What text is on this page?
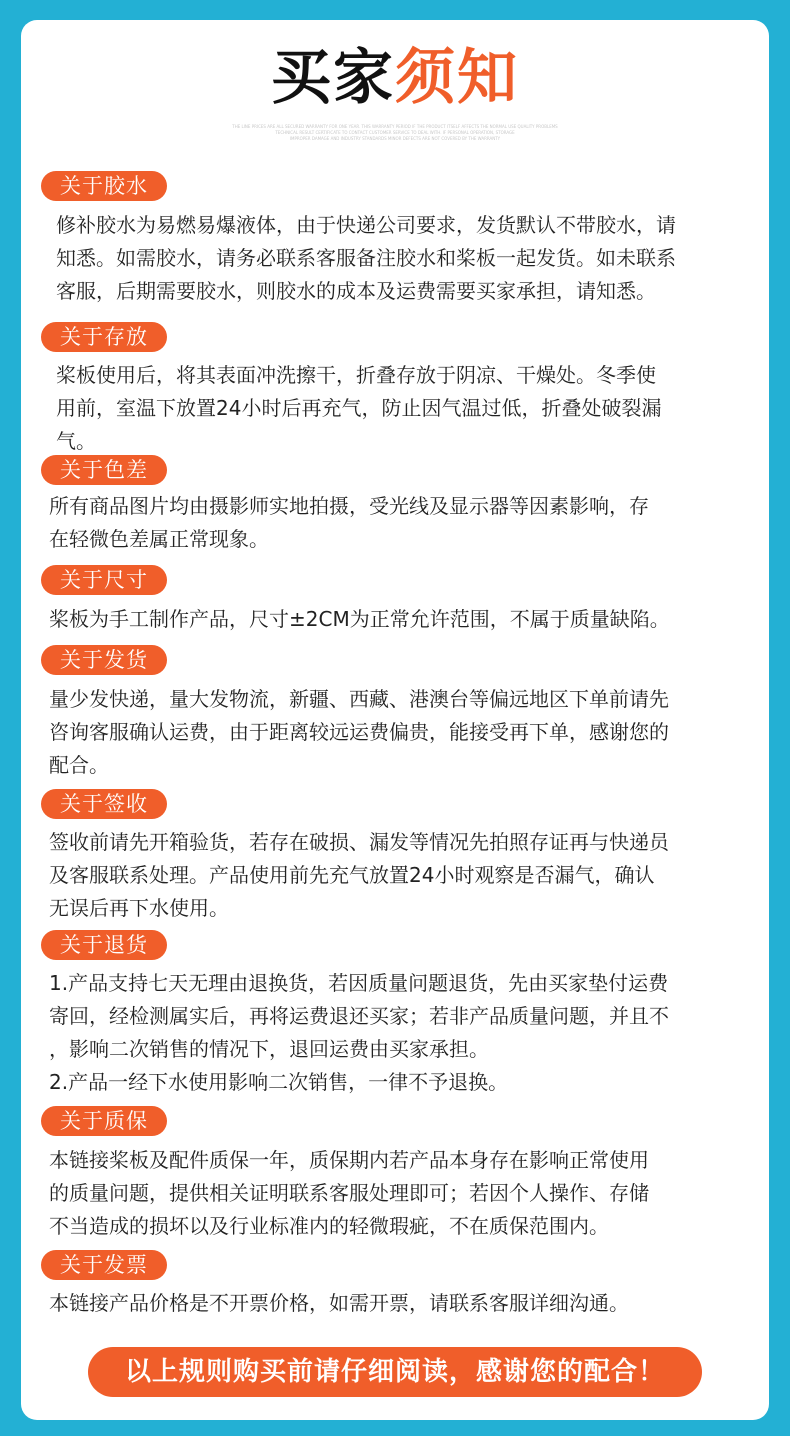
买家须知
THE LINE PRICES ARE ALL SECURED WARRANTY FOR ONE YEAR. THIS WARRANTY PERIOD IF THE PRODUCT ITSELF AFFECTS THE NORMAL USE QUALITY PROBLEMS
TECHNICAL RESULT CERTIFICATE TO CONTACT CUSTOMER SERVICE TO DEAL WITH. IF PERSONAL OPERATION, STORAGE
IMPROPER DAMAGE AND INDUSTRY STANDARDS MINOR DEFECTS ARE NOT COVERED BY THE WARRANTY
关于胶水
修补胶水为易燃易爆液体，由于快递公司要求，发货默认不带胶水，请
知悉。如需胶水，请务必联系客服备注胶水和桨板一起发货。如未联系
客服，后期需要胶水，则胶水的成本及运费需要买家承担，请知悉。
关于存放
桨板使用后，将其表面冲洗擦干，折叠存放于阴凉、干燥处。冬季使
用前，室温下放置24小时后再充气，防止因气温过低，折叠处破裂漏
气。
关于色差
所有商品图片均由摄影师实地拍摄，受光线及显示器等因素影响，存
在轻微色差属正常现象。
关于尺寸
桨板为手工制作产品，尺寸±2CM为正常允许范围，不属于质量缺陷。
关于发货
量少发快递，量大发物流，新疆、西藏、港澳台等偏远地区下单前请先
咨询客服确认运费，由于距离较远运费偏贵，能接受再下单，感谢您的
配合。
关于签收
签收前请先开箱验货，若存在破损、漏发等情况先拍照存证再与快递员
及客服联系处理。产品使用前先充气放置24小时观察是否漏气，确认
无误后再下水使用。
关于退货
1.产品支持七天无理由退换货，若因质量问题退货，先由买家垫付运费
寄回，经检测属实后，再将运费退还买家；若非产品质量问题，并且不
，影响二次销售的情况下，退回运费由买家承担。
2.产品一经下水使用影响二次销售，一律不予退换。
关于质保
本链接桨板及配件质保一年，质保期内若产品本身存在影响正常使用
的质量问题，提供相关证明联系客服处理即可；若因个人操作、存储
不当造成的损坏以及行业标准内的轻微瑕疵，不在质保范围内。
关于发票
本链接产品价格是不开票价格，如需开票，请联系客服详细沟通。
以上规则购买前请仔细阅读，感谢您的配合！
